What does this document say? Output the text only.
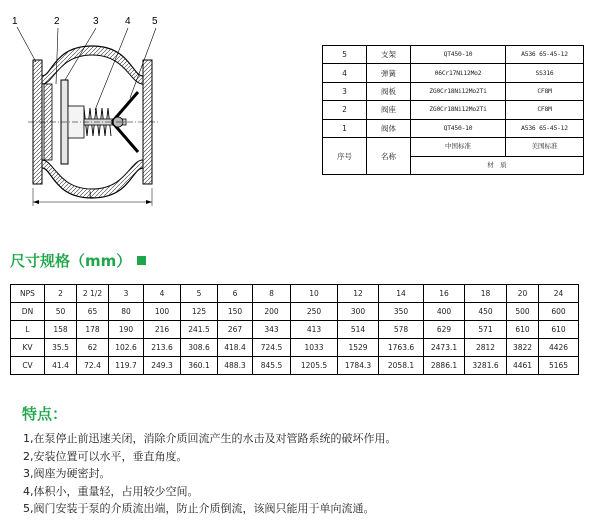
1	2	3	4 5
L
5	支架	QT450-10	A536 65-45-12
4	弹簧	06Cr17Ni12Mo2	SS316
3	阀板	ZG0Cr18Ni12Mo2Ti	CF8M
2	阀座	ZG0Cr18Ni12Mo2Ti	CF8M
1	阀体	QT450-10	A536 65-45-12
序号	名称	中国标准	美国标准
		材　质	
尺寸规格（mm）
NPS	2	2 1/2	3	4	5	6	8	10	12	14	16	18	20	24
DN	50	65	80	100	125	150	200	250	300	350	400	450	500	600
L	158	178	190	216	241.5	267	343	413	514	578	629	571	610	610
KV	35.5	62	102.6	213.6	308.6	418.4	724.5	1033	1529	1763.6	2473.1	2812	3822	4426
CV	41.4	72.4	119.7	249.3	360.1	488.3	845.5	1205.5	1784.3	2058.1	2886.1	3281.6	4461	5165
特点：
1,在泵停止前迅速关闭，消除介质回流产生的水击及对管路系统的破坏作用。
2,安装位置可以水平，垂直角度。
3,阀座为硬密封。
4,体积小，重量轻，占用较少空间。
5,阀门安装于泵的介质流出端，防止介质倒流，该阀只能用于单向流通。
